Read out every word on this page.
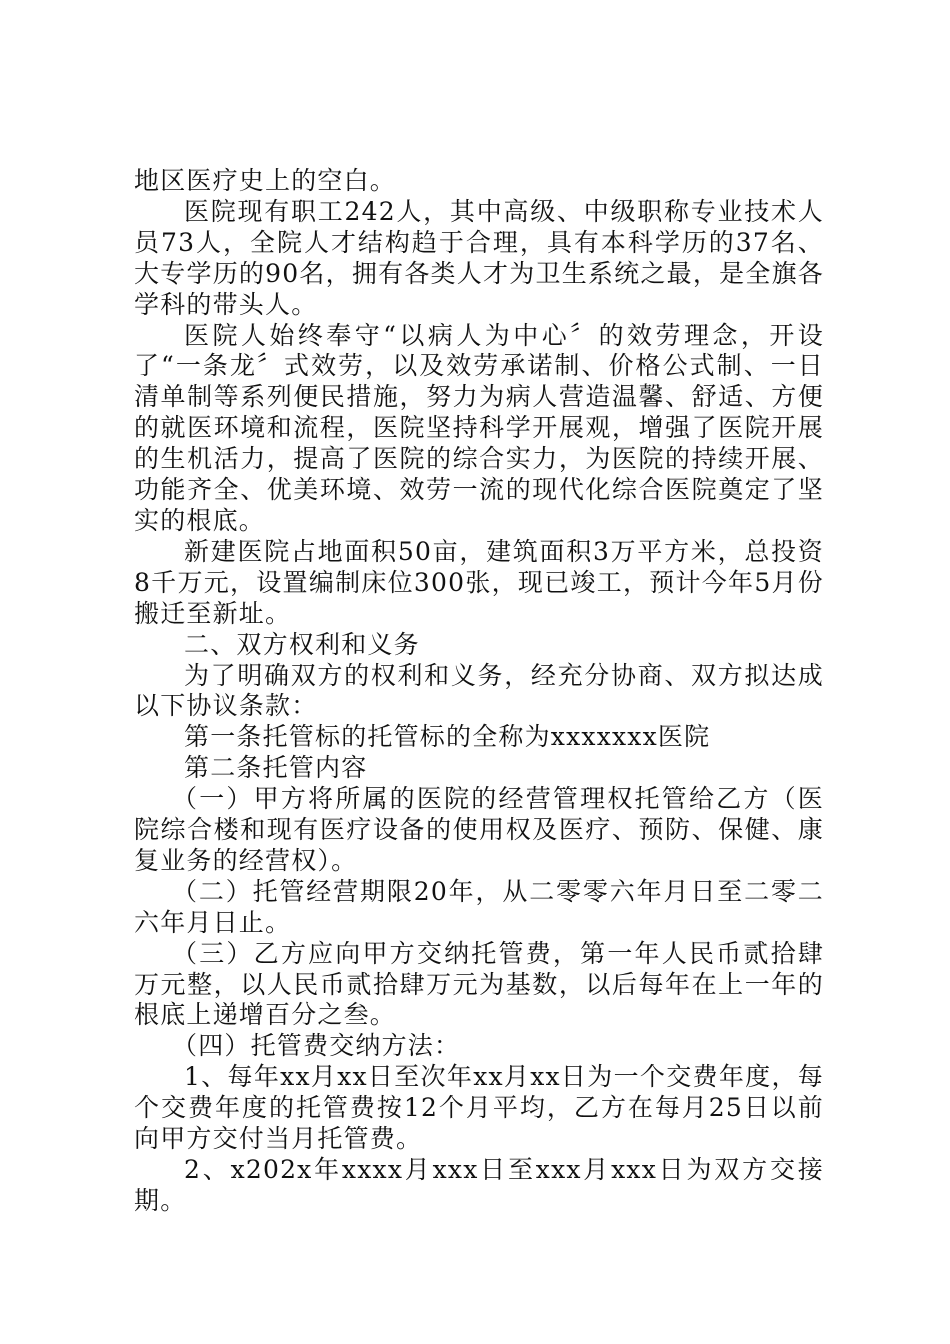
地区医疗史上的空白。

医院现有职工242人，其中高级、中级职称专业技术人员73人，全院人才结构趋于合理，具有本科学历的37名、大专学历的90名，拥有各类人才为卫生系统之最，是全旗各学科的带头人。

医院人始终奉守“以病人为中心〞的效劳理念，开设了“一条龙〞式效劳，以及效劳承诺制、价格公式制、一日清单制等系列便民措施，努力为病人营造温馨、舒适、方便的就医环境和流程，医院坚持科学开展观，增强了医院开展的生机活力，提高了医院的综合实力，为医院的持续开展、功能齐全、优美环境、效劳一流的现代化综合医院奠定了坚实的根底。

新建医院占地面积50亩，建筑面积3万平方米，总投资8千万元，设置编制床位300张，现已竣工，预计今年5月份搬迁至新址。

二、双方权利和义务

为了明确双方的权利和义务，经充分协商、双方拟达成以下协议条款：

第一条托管标的托管标的全称为xxxxxxx医院

第二条托管内容

（一）甲方将所属的医院的经营管理权托管给乙方（医院综合楼和现有医疗设备的使用权及医疗、预防、保健、康复业务的经营权）。

（二）托管经营期限20年，从二零零六年月日至二零二六年月日止。

（三）乙方应向甲方交纳托管费，第一年人民币贰拾肆万元整，以人民币贰拾肆万元为基数，以后每年在上一年的根底上递增百分之叁。

（四）托管费交纳方法：

1、每年xx月xx日至次年xx月xx日为一个交费年度，每个交费年度的托管费按12个月平均，乙方在每月25日以前向甲方交付当月托管费。

2、x202x年xxxx月xxx日至xxx月xxx日为双方交接期。
